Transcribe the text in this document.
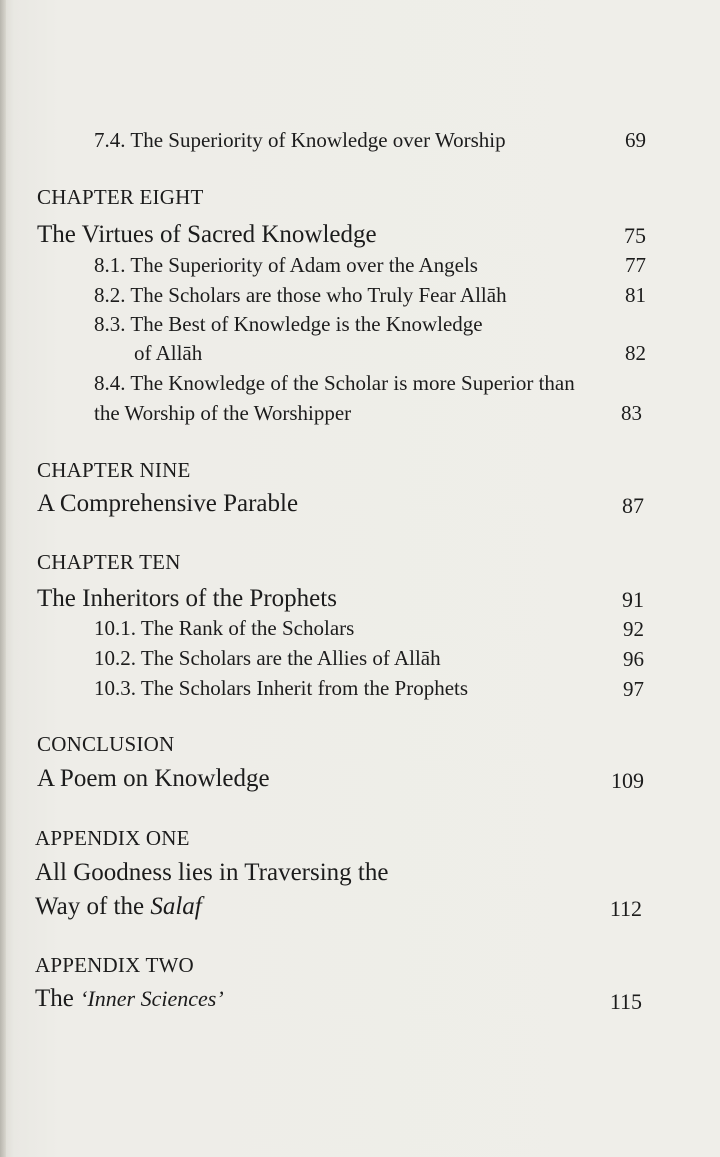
7.4. The Superiority of Knowledge over Worship	69
CHAPTER EIGHT
The Virtues of Sacred Knowledge	75
8.1. The Superiority of Adam over the Angels	77
8.2. The Scholars are those who Truly Fear Allāh	81
8.3. The Best of Knowledge is the Knowledge
of Allāh	82
8.4. The Knowledge of the Scholar is more Superior than
the Worship of the Worshipper	83
CHAPTER NINE
A Comprehensive Parable	87
CHAPTER TEN
The Inheritors of the Prophets	91
10.1. The Rank of the Scholars	92
10.2. The Scholars are the Allies of Allāh	96
10.3. The Scholars Inherit from the Prophets	97
CONCLUSION
A Poem on Knowledge	109
APPENDIX ONE
All Goodness lies in Traversing the
Way of the Salaf	112
APPENDIX TWO
The ‘Inner Sciences’	115
